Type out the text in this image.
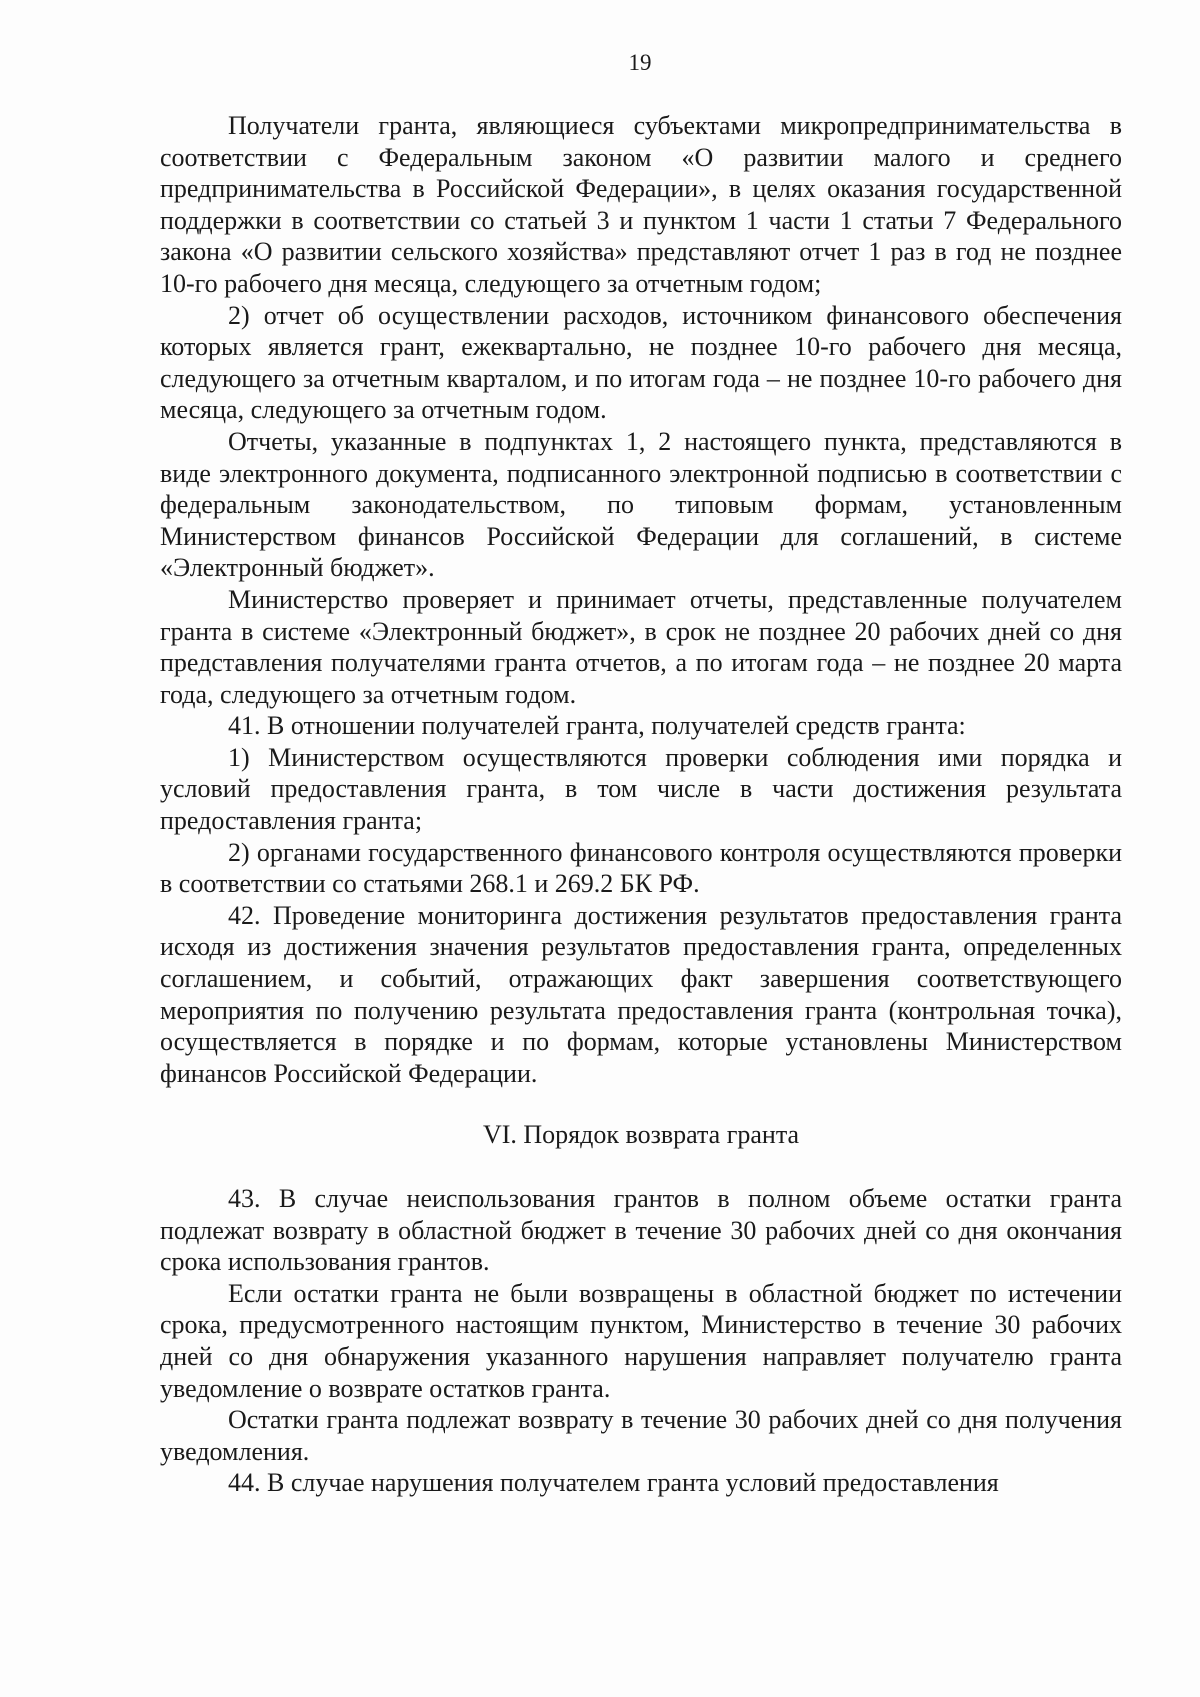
19

Получатели гранта, являющиеся субъектами микропредпринимательства в соответствии с Федеральным законом «О развитии малого и среднего предпринимательства в Российской Федерации», в целях оказания государственной поддержки в соответствии со статьей 3 и пунктом 1 части 1 статьи 7 Федерального закона «О развитии сельского хозяйства» представляют отчет 1 раз в год не позднее 10-го рабочего дня месяца, следующего за отчетным годом;

2) отчет об осуществлении расходов, источником финансового обеспечения которых является грант, ежеквартально, не позднее 10-го рабочего дня месяца, следующего за отчетным кварталом, и по итогам года – не позднее 10-го рабочего дня месяца, следующего за отчетным годом.

Отчеты, указанные в подпунктах 1, 2 настоящего пункта, представляются в виде электронного документа, подписанного электронной подписью в соответствии с федеральным законодательством, по типовым формам, установленным Министерством финансов Российской Федерации для соглашений, в системе «Электронный бюджет».

Министерство проверяет и принимает отчеты, представленные получателем гранта в системе «Электронный бюджет», в срок не позднее 20 рабочих дней со дня представления получателями гранта отчетов, а по итогам года – не позднее 20 марта года, следующего за отчетным годом.

41. В отношении получателей гранта, получателей средств гранта:

1) Министерством осуществляются проверки соблюдения ими порядка и условий предоставления гранта, в том числе в части достижения результата предоставления гранта;

2) органами государственного финансового контроля осуществляются проверки в соответствии со статьями 268.1 и 269.2 БК РФ.

42. Проведение мониторинга достижения результатов предоставления гранта исходя из достижения значения результатов предоставления гранта, определенных соглашением, и событий, отражающих факт завершения соответствующего мероприятия по получению результата предоставления гранта (контрольная точка), осуществляется в порядке и по формам, которые установлены Министерством финансов Российской Федерации.

VI. Порядок возврата гранта

43. В случае неиспользования грантов в полном объеме остатки гранта подлежат возврату в областной бюджет в течение 30 рабочих дней со дня окончания срока использования грантов.

Если остатки гранта не были возвращены в областной бюджет по истечении срока, предусмотренного настоящим пунктом, Министерство в течение 30 рабочих дней со дня обнаружения указанного нарушения направляет получателю гранта уведомление о возврате остатков гранта.

Остатки гранта подлежат возврату в течение 30 рабочих дней со дня получения уведомления.

44. В случае нарушения получателем гранта условий предоставления
